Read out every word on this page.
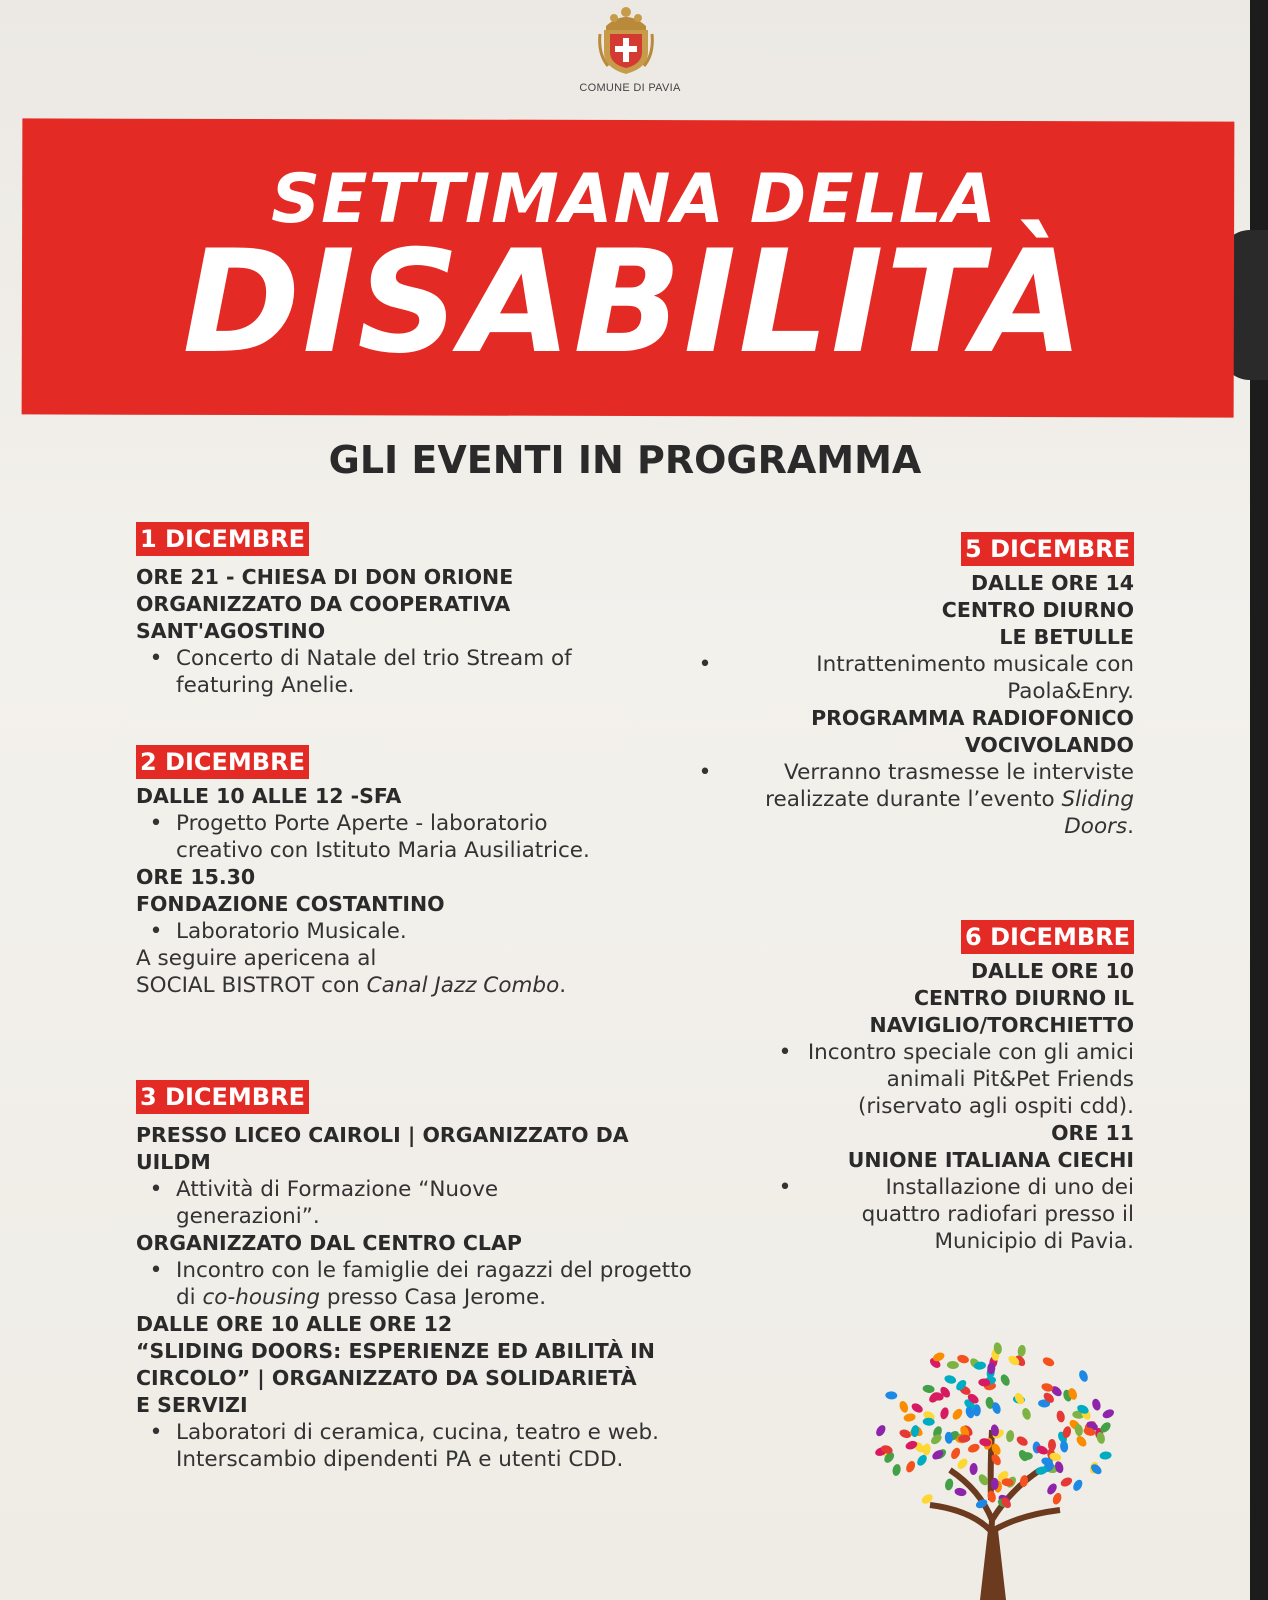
COMUNE DI PAVIA
SETTIMANA DELLA
DISABILITÀ
GLI EVENTI IN PROGRAMMA
1 DICEMBRE
ORE 21 - CHIESA DI DON ORIONE
ORGANIZZATO DA COOPERATIVA
SANT'AGOSTINO
• Concerto di Natale del trio Stream of featuring Anelie.
2 DICEMBRE
DALLE 10 ALLE 12 -SFA
• Progetto Porte Aperte - laboratorio creativo con Istituto Maria Ausiliatrice.
ORE 15.30
FONDAZIONE COSTANTINO
• Laboratorio Musicale.
A seguire apericena al
SOCIAL BISTROT con Canal Jazz Combo.
3 DICEMBRE
PRESSO LICEO CAIROLI | ORGANIZZATO DA UILDM
• Attività di Formazione “Nuove generazioni”.
ORGANIZZATO DAL CENTRO CLAP
• Incontro con le famiglie dei ragazzi del progetto di co-housing presso Casa Jerome.
DALLE ORE 10 ALLE ORE 12
“SLIDING DOORS: ESPERIENZE ED ABILITÀ IN CIRCOLO” | ORGANIZZATO DA SOLIDARIETÀ E SERVIZI
• Laboratori di ceramica, cucina, teatro e web. Interscambio dipendenti PA e utenti CDD.
5 DICEMBRE
DALLE ORE 14
CENTRO DIURNO
LE BETULLE
•	Intrattenimento musicale con Paola&Enry.
PROGRAMMA RADIOFONICO
VOCIVOLANDO
•	Verranno trasmesse le interviste realizzate durante l’evento Sliding Doors.
6 DICEMBRE
DALLE ORE 10
CENTRO DIURNO IL
NAVIGLIO/TORCHIETTO
• Incontro speciale con gli amici animali Pit&Pet Friends (riservato agli ospiti cdd).
ORE 11
UNIONE ITALIANA CIECHI
•	Installazione di uno dei quattro radiofari presso il Municipio di Pavia.
